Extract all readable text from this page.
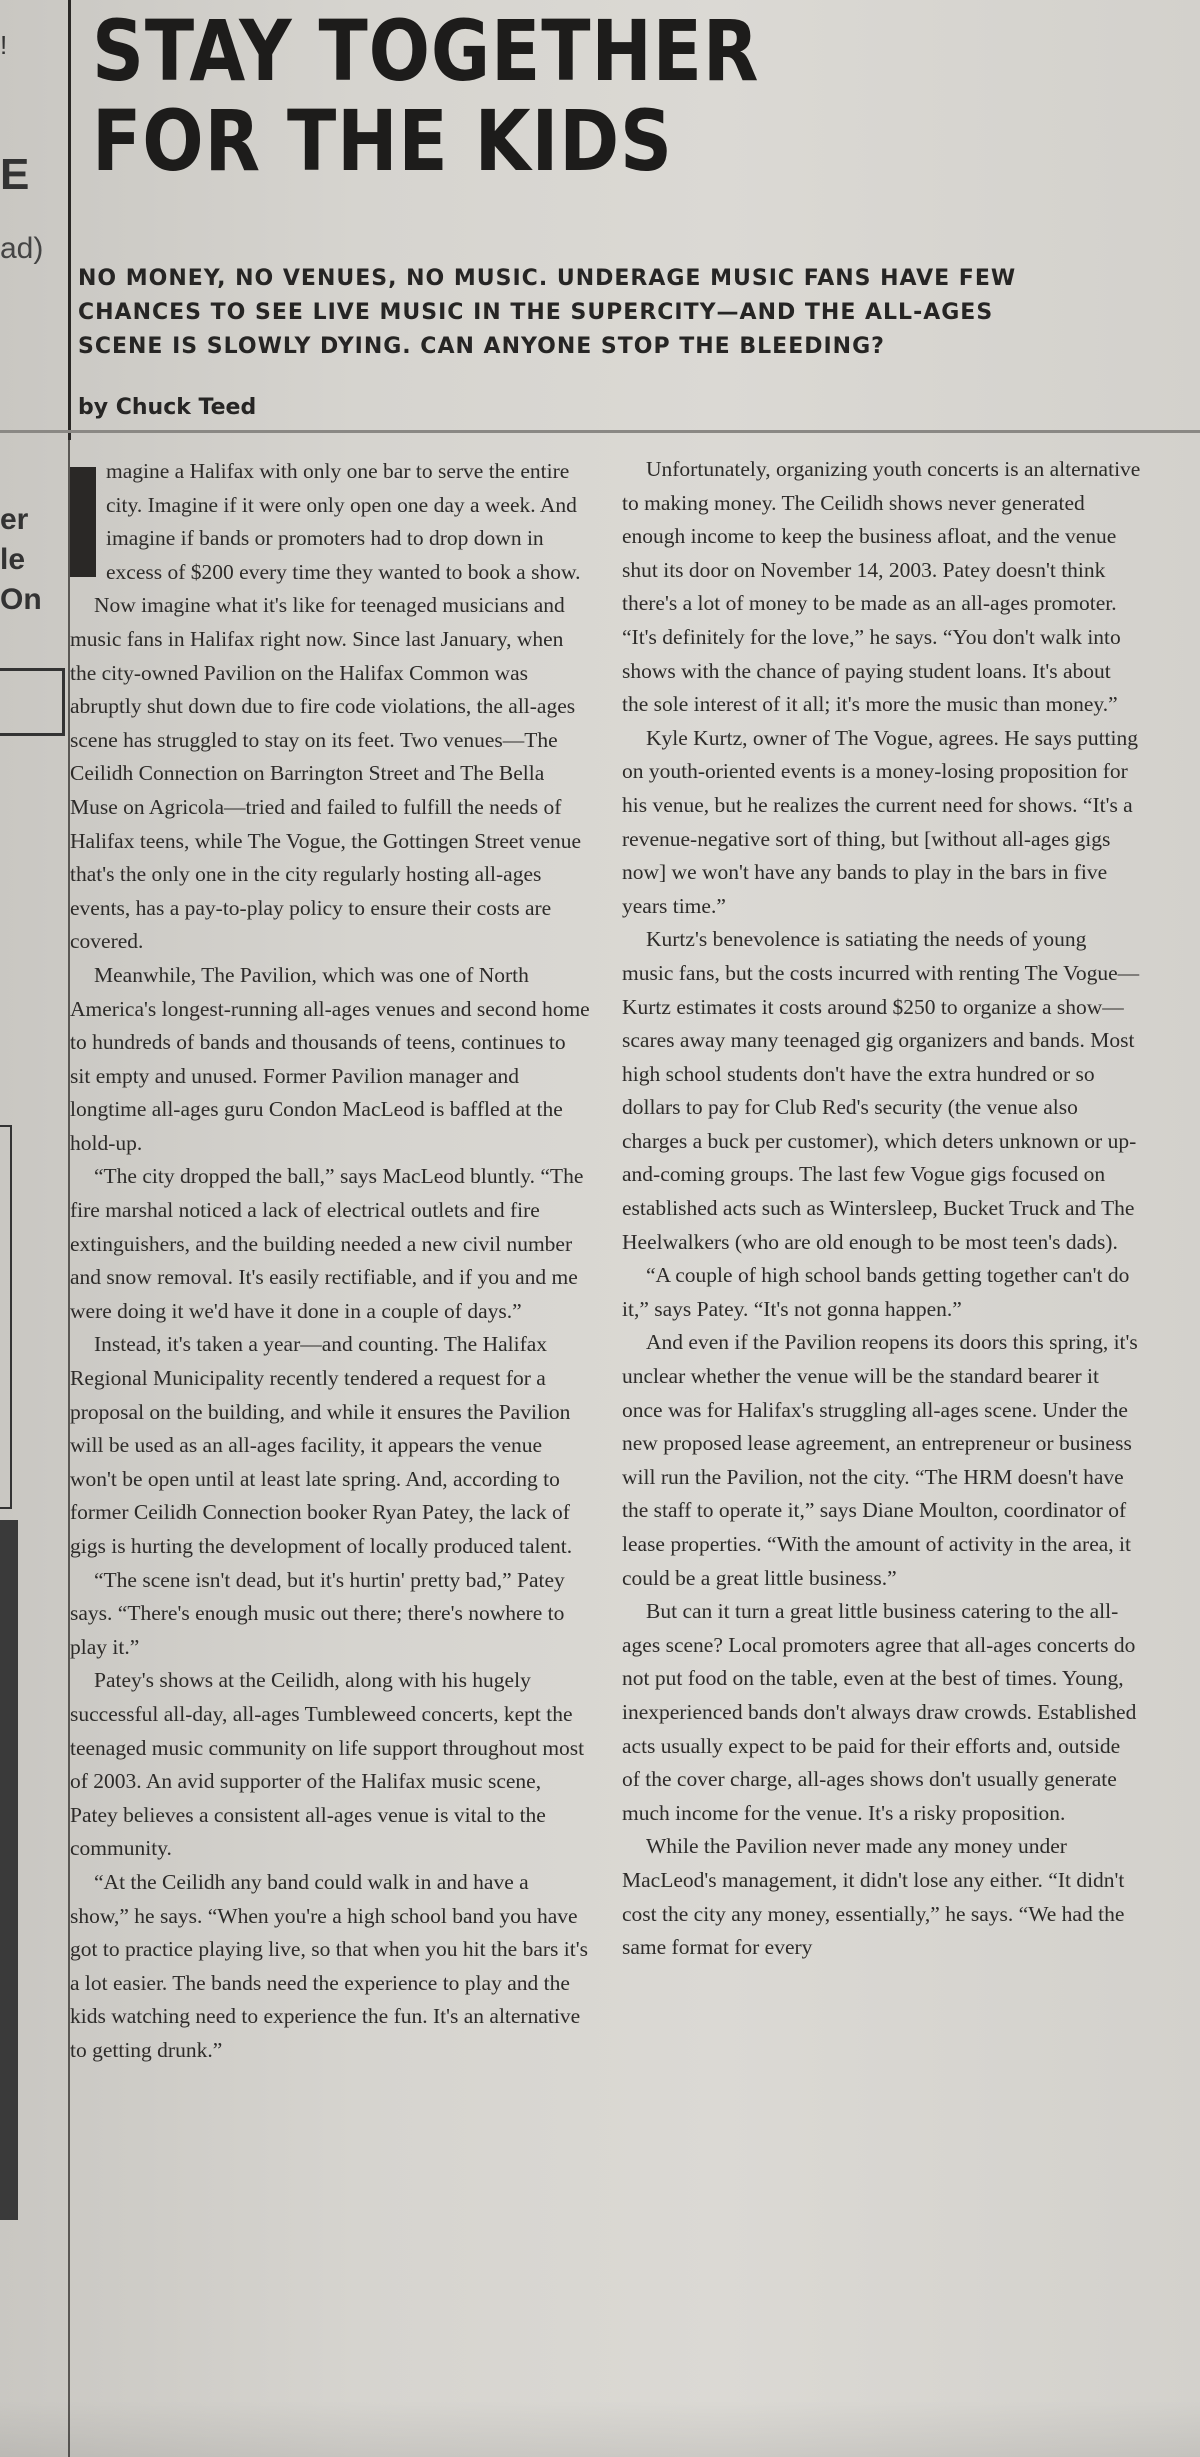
!
E
ad)
er
le
On
STAY TOGETHER
FOR THE KIDS
NO MONEY, NO VENUES, NO MUSIC. UNDERAGE MUSIC FANS HAVE FEW CHANCES TO SEE LIVE MUSIC IN THE SUPERCITY—AND THE ALL-AGES SCENE IS SLOWLY DYING. CAN ANYONE STOP THE BLEEDING?
by Chuck Teed

magine a Halifax with only one bar to serve the entire city. Imagine if it were only open one day a week. And imagine if bands or promoters had to drop down in excess of $200 every time they wanted to book a show.

Now imagine what it's like for teenaged musicians and music fans in Halifax right now. Since last January, when the city-owned Pavilion on the Halifax Common was abruptly shut down due to fire code violations, the all-ages scene has struggled to stay on its feet. Two venues—The Ceilidh Connection on Barrington Street and The Bella Muse on Agricola—tried and failed to fulfill the needs of Halifax teens, while The Vogue, the Gottingen Street venue that's the only one in the city regularly hosting all-ages events, has a pay-to-play policy to ensure their costs are covered.

Meanwhile, The Pavilion, which was one of North America's longest-running all-ages venues and second home to hundreds of bands and thousands of teens, continues to sit empty and unused. Former Pavilion manager and longtime all-ages guru Condon MacLeod is baffled at the hold-up.

“The city dropped the ball,” says MacLeod bluntly. “The fire marshal noticed a lack of electrical outlets and fire extinguishers, and the building needed a new civil number and snow removal. It's easily rectifiable, and if you and me were doing it we'd have it done in a couple of days.”

Instead, it's taken a year—and counting. The Halifax Regional Municipality recently tendered a request for a proposal on the building, and while it ensures the Pavilion will be used as an all-ages facility, it appears the venue won't be open until at least late spring. And, according to former Ceilidh Connection booker Ryan Patey, the lack of gigs is hurting the development of locally produced talent.

“The scene isn't dead, but it's hurtin' pretty bad,” Patey says. “There's enough music out there; there's nowhere to play it.”

Patey's shows at the Ceilidh, along with his hugely successful all-day, all-ages Tumbleweed concerts, kept the teenaged music community on life support throughout most of 2003. An avid supporter of the Halifax music scene, Patey believes a consistent all-ages venue is vital to the community.

“At the Ceilidh any band could walk in and have a show,” he says. “When you're a high school band you have got to practice playing live, so that when you hit the bars it's a lot easier. The bands need the experience to play and the kids watching need to experience the fun. It's an alternative to getting drunk.”

Unfortunately, organizing youth concerts is an alternative to making money. The Ceilidh shows never generated enough income to keep the business afloat, and the venue shut its door on November 14, 2003. Patey doesn't think there's a lot of money to be made as an all-ages promoter. “It's definitely for the love,” he says. “You don't walk into shows with the chance of paying student loans. It's about the sole interest of it all; it's more the music than money.”

Kyle Kurtz, owner of The Vogue, agrees. He says putting on youth-oriented events is a money-losing proposition for his venue, but he realizes the current need for shows. “It's a revenue-negative sort of thing, but [without all-ages gigs now] we won't have any bands to play in the bars in five years time.”

Kurtz's benevolence is satiating the needs of young music fans, but the costs incurred with renting The Vogue—Kurtz estimates it costs around $250 to organize a show—scares away many teenaged gig organizers and bands. Most high school students don't have the extra hundred or so dollars to pay for Club Red's security (the venue also charges a buck per customer), which deters unknown or up-and-coming groups. The last few Vogue gigs focused on established acts such as Wintersleep, Bucket Truck and The Heelwalkers (who are old enough to be most teen's dads).

“A couple of high school bands getting together can't do it,” says Patey. “It's not gonna happen.”

And even if the Pavilion reopens its doors this spring, it's unclear whether the venue will be the standard bearer it once was for Halifax's struggling all-ages scene. Under the new proposed lease agreement, an entrepreneur or business will run the Pavilion, not the city. “The HRM doesn't have the staff to operate it,” says Diane Moulton, coordinator of lease properties. “With the amount of activity in the area, it could be a great little business.”

But can it turn a great little business catering to the all-ages scene? Local promoters agree that all-ages concerts do not put food on the table, even at the best of times. Young, inexperienced bands don't always draw crowds. Established acts usually expect to be paid for their efforts and, outside of the cover charge, all-ages shows don't usually generate much income for the venue. It's a risky proposition.

While the Pavilion never made any money under MacLeod's management, it didn't lose any either. “It didn't cost the city any money, essentially,” he says. “We had the same format for every
